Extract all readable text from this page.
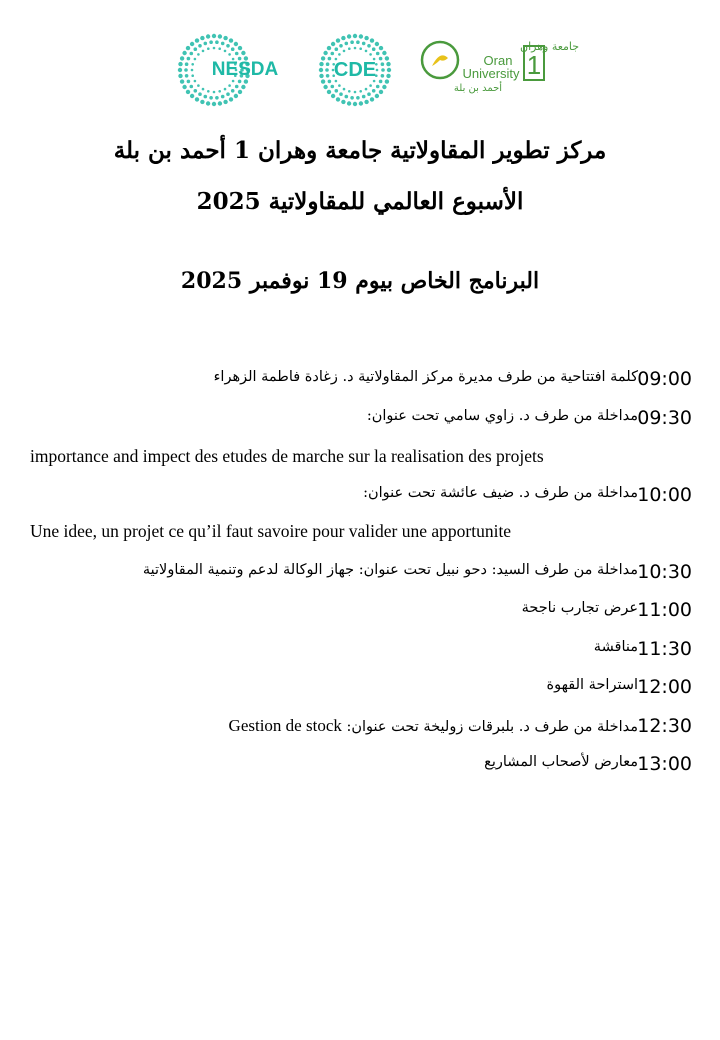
1
جامعة وهران
Oran
University
أحمد بن بلة
CDE
NESDA
مركز تطوير المقاولاتية جامعة وهران 1 أحمد بن بلة
الأسبوع العالمي للمقاولاتية 2025
البرنامج الخاص بيوم 19 نوفمبر 2025
09:00
كلمة افتتاحية من طرف مديرة مركز المقاولاتية د. زغادة فاطمة الزهراء
09:30
مداخلة من طرف د. زاوي سامي تحت عنوان:
importance and impect des etudes de marche sur la realisation des projets
10:00
مداخلة من طرف د. ضيف عائشة تحت عنوان:
Une idee, un projet ce qu’il faut savoire pour valider une apportunite
10:30
مداخلة من طرف السيد: دحو نبيل تحت عنوان: جهاز الوكالة لدعم وتنمية المقاولاتية
11:00
عرض تجارب ناجحة
11:30
مناقشة
12:00
استراحة القهوة
12:30
مداخلة من طرف د. بلبرقات زوليخة تحت عنوان: Gestion de stock
13:00
معارض لأصحاب المشاريع
